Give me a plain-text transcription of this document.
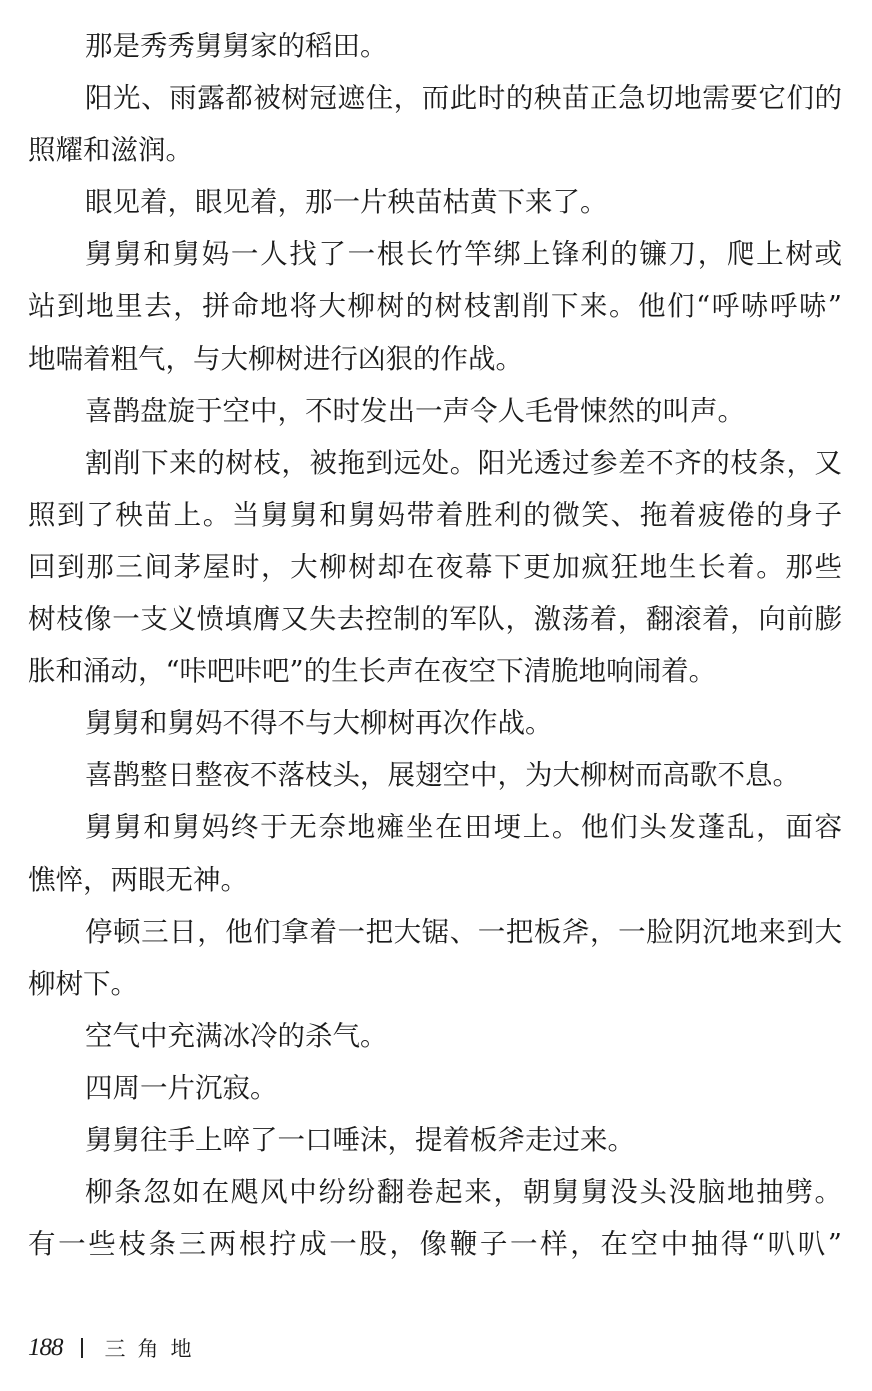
那是秀秀舅舅家的稻田。
阳光、雨露都被树冠遮住，而此时的秧苗正急切地需要它们的
照耀和滋润。
眼见着，眼见着，那一片秧苗枯黄下来了。
舅舅和舅妈一人找了一根长竹竿绑上锋利的镰刀，爬上树或
站到地里去，拼命地将大柳树的树枝割削下来。他们“呼哧呼哧”
地喘着粗气，与大柳树进行凶狠的作战。
喜鹊盘旋于空中，不时发出一声令人毛骨悚然的叫声。
割削下来的树枝，被拖到远处。阳光透过参差不齐的枝条，又
照到了秧苗上。当舅舅和舅妈带着胜利的微笑、拖着疲倦的身子
回到那三间茅屋时，大柳树却在夜幕下更加疯狂地生长着。那些
树枝像一支义愤填膺又失去控制的军队，激荡着，翻滚着，向前膨
胀和涌动，“咔吧咔吧”的生长声在夜空下清脆地响闹着。
舅舅和舅妈不得不与大柳树再次作战。
喜鹊整日整夜不落枝头，展翅空中，为大柳树而高歌不息。
舅舅和舅妈终于无奈地瘫坐在田埂上。他们头发蓬乱，面容
憔悴，两眼无神。
停顿三日，他们拿着一把大锯、一把板斧，一脸阴沉地来到大
柳树下。
空气中充满冰冷的杀气。
四周一片沉寂。
舅舅往手上啐了一口唾沫，提着板斧走过来。
柳条忽如在飓风中纷纷翻卷起来，朝舅舅没头没脑地抽劈。
有一些枝条三两根拧成一股，像鞭子一样，在空中抽得“叭叭”
188 三角地
